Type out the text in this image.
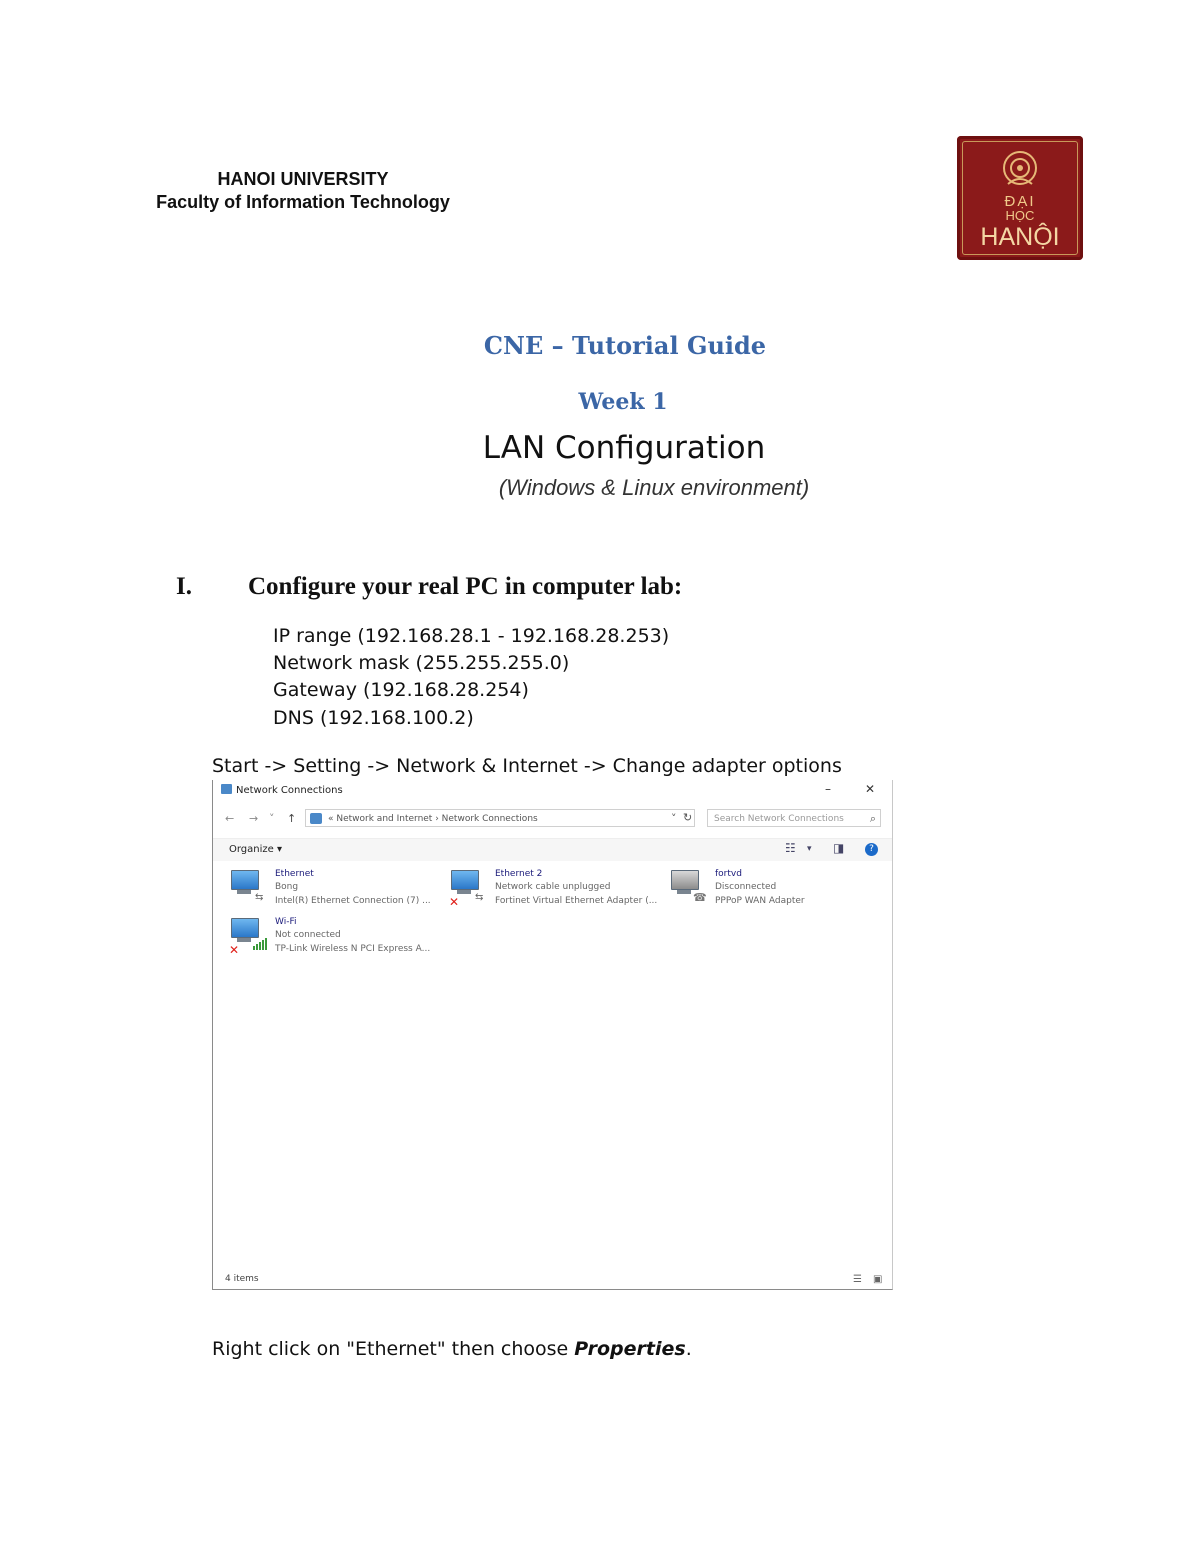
HANOI UNIVERSITY
Faculty of Information Technology	ĐẠI
HỌC
HANỘI
CNE – Tutorial Guide
Week 1
LAN Configuration
(Windows & Linux environment)
I. Configure your real PC in computer lab:
IP range (192.168.28.1 - 192.168.28.253)
Network mask (255.255.255.0)
Gateway (192.168.28.254)
DNS (192.168.100.2)
Start -> Setting -> Network & Internet -> Change adapter options
Network Connections	–	✕
← → ˅ ↑	« Network and Internet › Network Connections	˅ ↻	Search Network Connections ⌕
Organize ▾	☷ ▾ ◨	?
⇆
Ethernet
Bong
Intel(R) Ethernet Connection (7) ... ✕ ⇆
Ethernet 2
Network cable unplugged
Fortinet Virtual Ethernet Adapter (...	☎
fortvd
Disconnected
PPPoP WAN Adapter
✕
Wi-Fi
Not connected
TP-Link Wireless N PCI Express A...
4 items	☰ ▣
Right click on "Ethernet" then choose Properties.
